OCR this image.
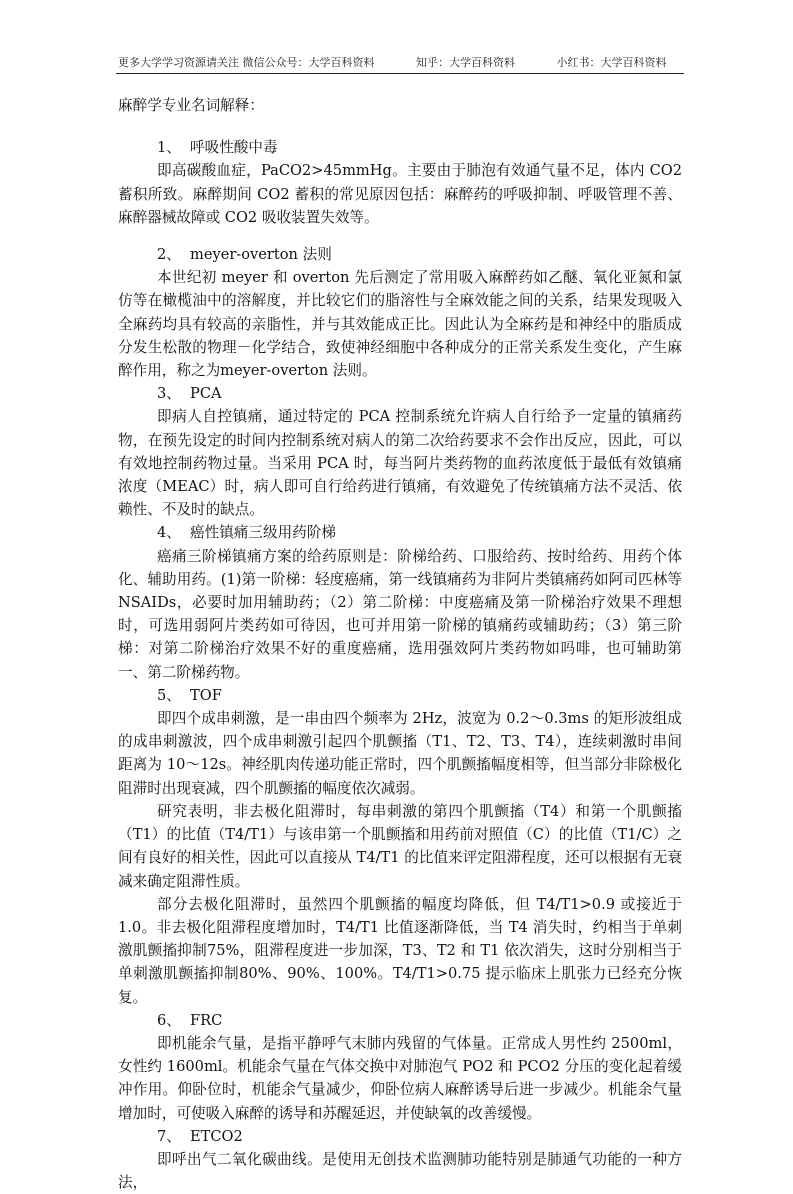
更多大学学习资源请关注 微信公众号：大学百科资料	知乎：大学百科资料	小红书：大学百科资料

麻醉学专业名词解释：

1、 呼吸性酸中毒

即高碳酸血症，PaCO2>45mmHg。主要由于肺泡有效通气量不足，体内 CO2 蓄积所致。麻醉期间 CO2 蓄积的常见原因包括：麻醉药的呼吸抑制、呼吸管理不善、麻醉器械故障或 CO2 吸收装置失效等。

2、 meyer-overton 法则

本世纪初 meyer 和 overton 先后测定了常用吸入麻醉药如乙醚、氧化亚氮和氯仿等在橄榄油中的溶解度，并比较它们的脂溶性与全麻效能之间的关系，结果发现吸入全麻药均具有较高的亲脂性，并与其效能成正比。因此认为全麻药是和神经中的脂质成分发生松散的物理－化学结合，致使神经细胞中各种成分的正常关系发生变化，产生麻醉作用，称之为meyer-overton 法则。

3、 PCA

即病人自控镇痛，通过特定的 PCA 控制系统允许病人自行给予一定量的镇痛药物，在预先设定的时间内控制系统对病人的第二次给药要求不会作出反应，因此，可以有效地控制药物过量。当采用 PCA 时，每当阿片类药物的血药浓度低于最低有效镇痛浓度（MEAC）时，病人即可自行给药进行镇痛，有效避免了传统镇痛方法不灵活、依赖性、不及时的缺点。

4、 癌性镇痛三级用药阶梯

癌痛三阶梯镇痛方案的给药原则是：阶梯给药、口服给药、按时给药、用药个体化、辅助用药。(1)第一阶梯：轻度癌痛，第一线镇痛药为非阿片类镇痛药如阿司匹林等 NSAIDs，必要时加用辅助药；（2）第二阶梯：中度癌痛及第一阶梯治疗效果不理想时，可选用弱阿片类药如可待因，也可并用第一阶梯的镇痛药或辅助药；（3）第三阶梯：对第二阶梯治疗效果不好的重度癌痛，选用强效阿片类药物如吗啡，也可辅助第一、第二阶梯药物。

5、 TOF

即四个成串刺激，是一串由四个频率为 2Hz，波宽为 0.2～0.3ms 的矩形波组成的成串刺激波，四个成串刺激引起四个肌颤搐（T1、T2、T3、T4），连续刺激时串间距离为 10～12s。神经肌肉传递功能正常时，四个肌颤搐幅度相等，但当部分非除极化阻滞时出现衰减，四个肌颤搐的幅度依次减弱。

研究表明，非去极化阻滞时，每串刺激的第四个肌颤搐（T4）和第一个肌颤搐（T1）的比值（T4/T1）与该串第一个肌颤搐和用药前对照值（C）的比值（T1/C）之间有良好的相关性，因此可以直接从 T4/T1 的比值来评定阻滞程度，还可以根据有无衰减来确定阻滞性质。

部分去极化阻滞时，虽然四个肌颤搐的幅度均降低，但 T4/T1>0.9 或接近于 1.0。非去极化阻滞程度增加时，T4/T1 比值逐渐降低，当 T4 消失时，约相当于单刺激肌颤搐抑制75%，阻滞程度进一步加深，T3、T2 和 T1 依次消失，这时分别相当于单刺激肌颤搐抑制80%、90%、100%。T4/T1>0.75 提示临床上肌张力已经充分恢复。

6、 FRC

即机能余气量，是指平静呼气末肺内残留的气体量。正常成人男性约 2500ml，女性约 1600ml。机能余气量在气体交换中对肺泡气 PO2 和 PCO2 分压的变化起着缓冲作用。仰卧位时，机能余气量减少，仰卧位病人麻醉诱导后进一步减少。机能余气量增加时，可使吸入麻醉的诱导和苏醒延迟，并使缺氧的改善缓慢。

7、 ETCO2

即呼出气二氧化碳曲线。是使用无创技术监测肺功能特别是肺通气功能的一种方法，
